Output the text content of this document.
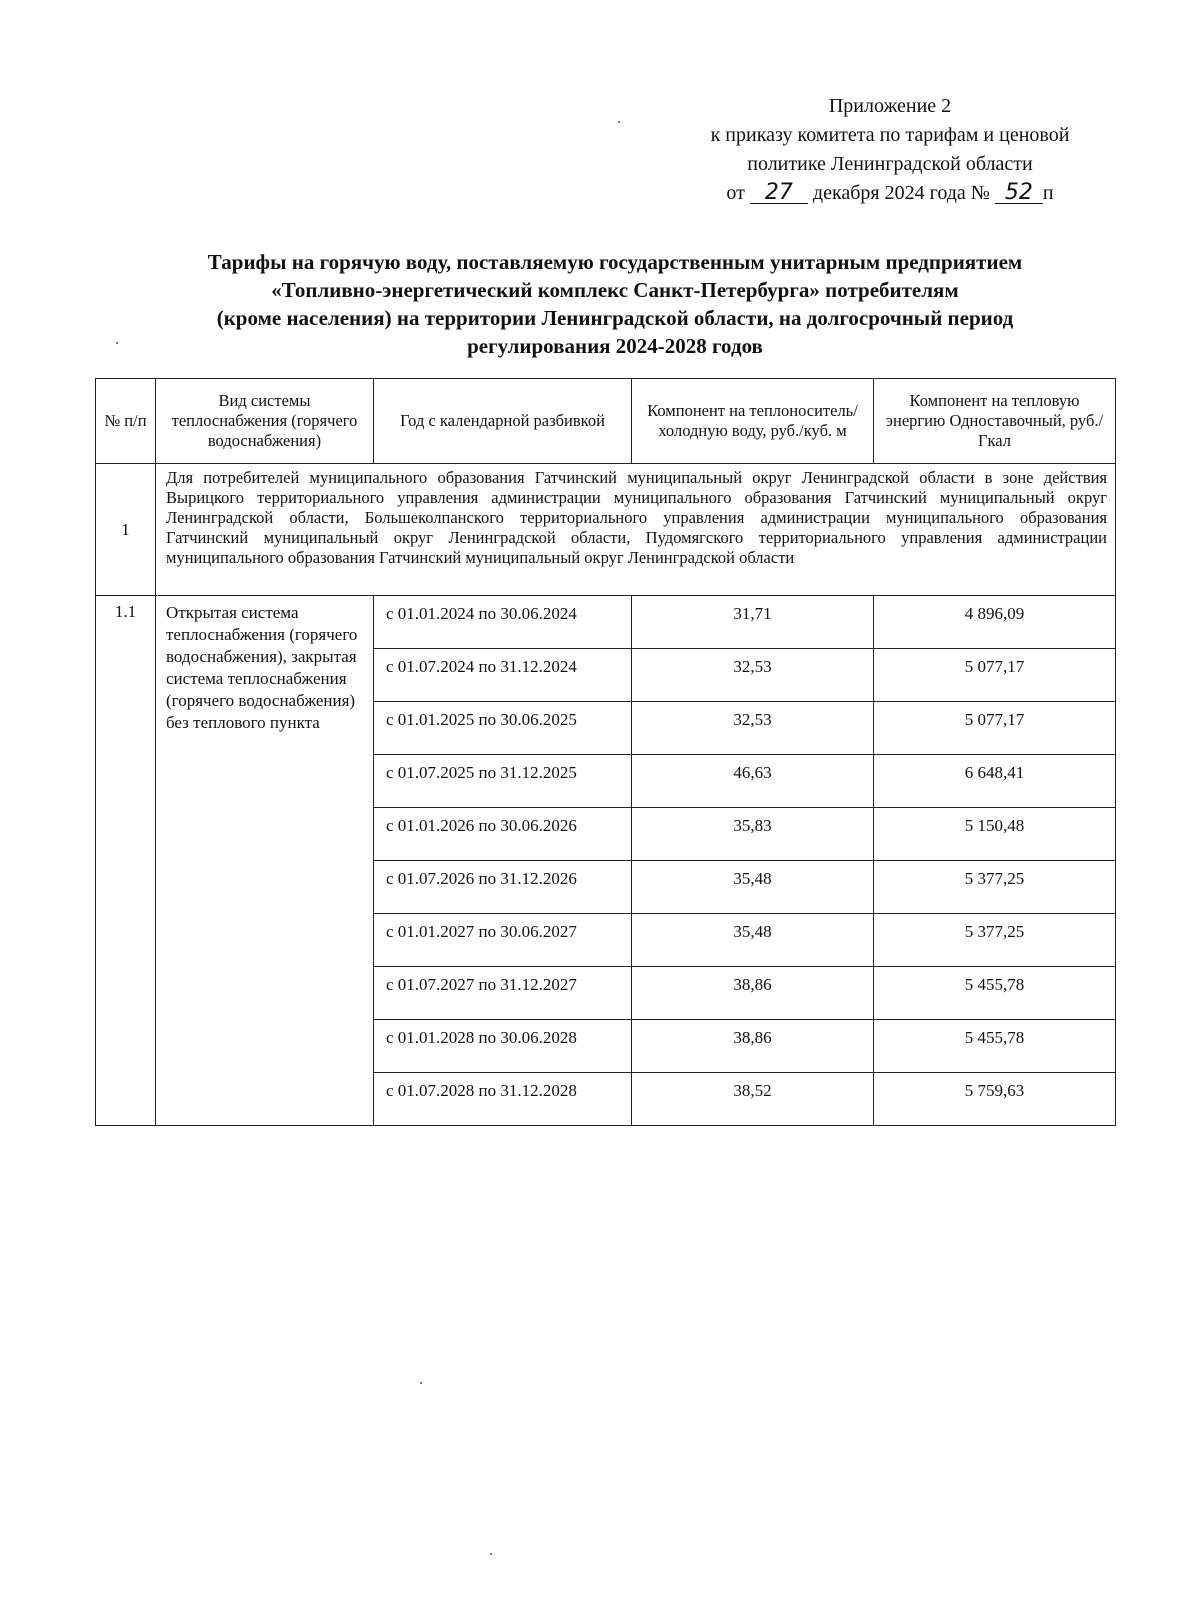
Приложение 2
к приказу комитета по тарифам и ценовой
политике Ленинградской области
от 27 декабря 2024 года № 52 п
Тарифы на горячую воду, поставляемую государственным унитарным предприятием
«Топливно-энергетический комплекс Санкт-Петербурга» потребителям
(кроме населения) на территории Ленинградской области, на долгосрочный период
регулирования 2024-2028 годов
№ п/п	Вид системы теплоснабжения (горячего водоснабжения)	Год с календарной разбивкой	Компонент на теплоноситель/холодную воду, руб./куб. м	Компонент на тепловую энергию Одноставочный, руб./Гкал
1	Для потребителей муниципального образования Гатчинский муниципальный округ Ленинградской области в зоне действия Вырицкого территориального управления администрации муниципального образования Гатчинский муниципальный округ Ленинградской области, Большеколпанского территориального управления администрации муниципального образования Гатчинский муниципальный округ Ленинградской области, Пудомягского территориального управления администрации муниципального образования Гатчинский муниципальный округ Ленинградской области			
1.1	Открытая система теплоснабжения (горячего водоснабжения), закрытая система теплоснабжения (горячего водоснабжения) без теплового пункта	с 01.01.2024 по 30.06.2024	31,71	4 896,09
		с 01.07.2024 по 31.12.2024	32,53	5 077,17
		с 01.01.2025 по 30.06.2025	32,53	5 077,17
		с 01.07.2025 по 31.12.2025	46,63	6 648,41
		с 01.01.2026 по 30.06.2026	35,83	5 150,48
		с 01.07.2026 по 31.12.2026	35,48	5 377,25
		с 01.01.2027 по 30.06.2027	35,48	5 377,25
		с 01.07.2027 по 31.12.2027	38,86	5 455,78
		с 01.01.2028 по 30.06.2028	38,86	5 455,78
		с 01.07.2028 по 31.12.2028	38,52	5 759,63
